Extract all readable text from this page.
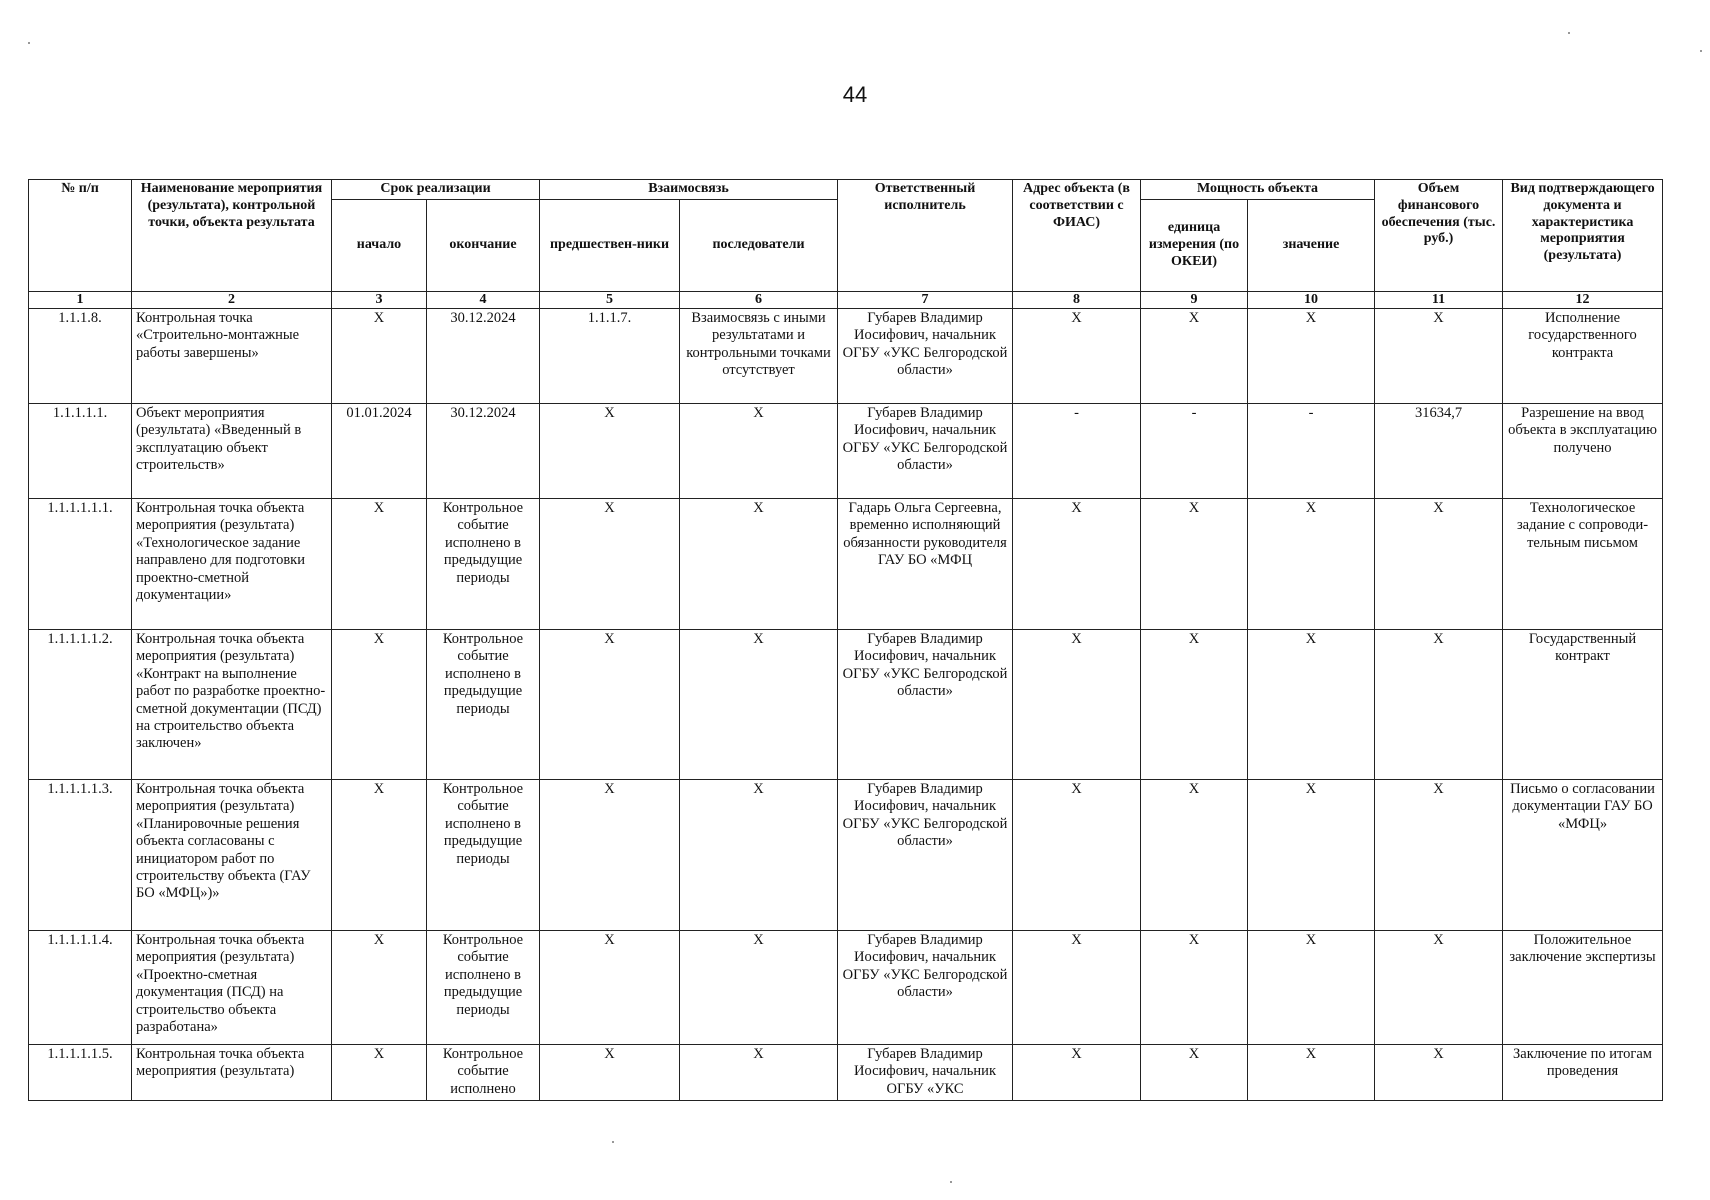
44
№ п/п	Наименование мероприятия (результата), контрольной точки, объекта результата	Срок реализации		Взаимосвязь		Ответственный исполнитель	Адрес объекта (в соответствии с ФИАС)	Мощность объекта		Объем финансового обеспечения (тыс. руб.)	Вид подтверждающего документа и характеристика мероприятия (результата)
		начало	окончание	предшествен-ники	последователи			единица измерения (по ОКЕИ)	значение		
1	2	3	4	5	6	7	8	9	10	11	12
1.1.1.8.	Контрольная точка «Строительно-монтажные работы завершены»	X	30.12.2024	1.1.1.7.	Взаимосвязь с иными результатами и контрольными точками отсутствует	Губарев Владимир Иосифович, начальник ОГБУ «УКС Белгородской области»	X	X	X	X	Исполнение государственного контракта
1.1.1.1.1.	Объект мероприятия (результата) «Введенный в эксплуатацию объект строительств»	01.01.2024	30.12.2024	X	X	Губарев Владимир Иосифович, начальник ОГБУ «УКС Белгородской области»	-	-	-	31634,7	Разрешение на ввод объекта в эксплуатацию получено
1.1.1.1.1.1.	Контрольная точка объекта мероприятия (результата) «Технологическое задание направлено для подготовки проектно-сметной документации»	X	Контрольное событие исполнено в предыдущие периоды	X	X	Гадарь Ольга Сергеевна, временно исполняющий обязанности руководителя ГАУ БО «МФЦ	X	X	X	X	Технологическое задание с сопроводи-тельным письмом
1.1.1.1.1.2.	Контрольная точка объекта мероприятия (результата) «Контракт на выполнение работ по разработке проектно-сметной документации (ПСД) на строительство объекта заключен»	X	Контрольное событие исполнено в предыдущие периоды	X	X	Губарев Владимир Иосифович, начальник ОГБУ «УКС Белгородской области»	X	X	X	X	Государственный контракт
1.1.1.1.1.3.	Контрольная точка объекта мероприятия (результата) «Планировочные решения объекта согласованы с инициатором работ по строительству объекта (ГАУ БО «МФЦ»)»	X	Контрольное событие исполнено в предыдущие периоды	X	X	Губарев Владимир Иосифович, начальник ОГБУ «УКС Белгородской области»	X	X	X	X	Письмо о согласовании документации ГАУ БО «МФЦ»
1.1.1.1.1.4.	Контрольная точка объекта мероприятия (результата) «Проектно-сметная документация (ПСД) на строительство объекта разработана»	X	Контрольное событие исполнено в предыдущие периоды	X	X	Губарев Владимир Иосифович, начальник ОГБУ «УКС Белгородской области»	X	X	X	X	Положительное заключение экспертизы
1.1.1.1.1.5.	Контрольная точка объекта мероприятия (результата)	X	Контрольное событие исполнено	X	X	Губарев Владимир Иосифович, начальник ОГБУ «УКС	X	X	X	X	Заключение по итогам проведения
